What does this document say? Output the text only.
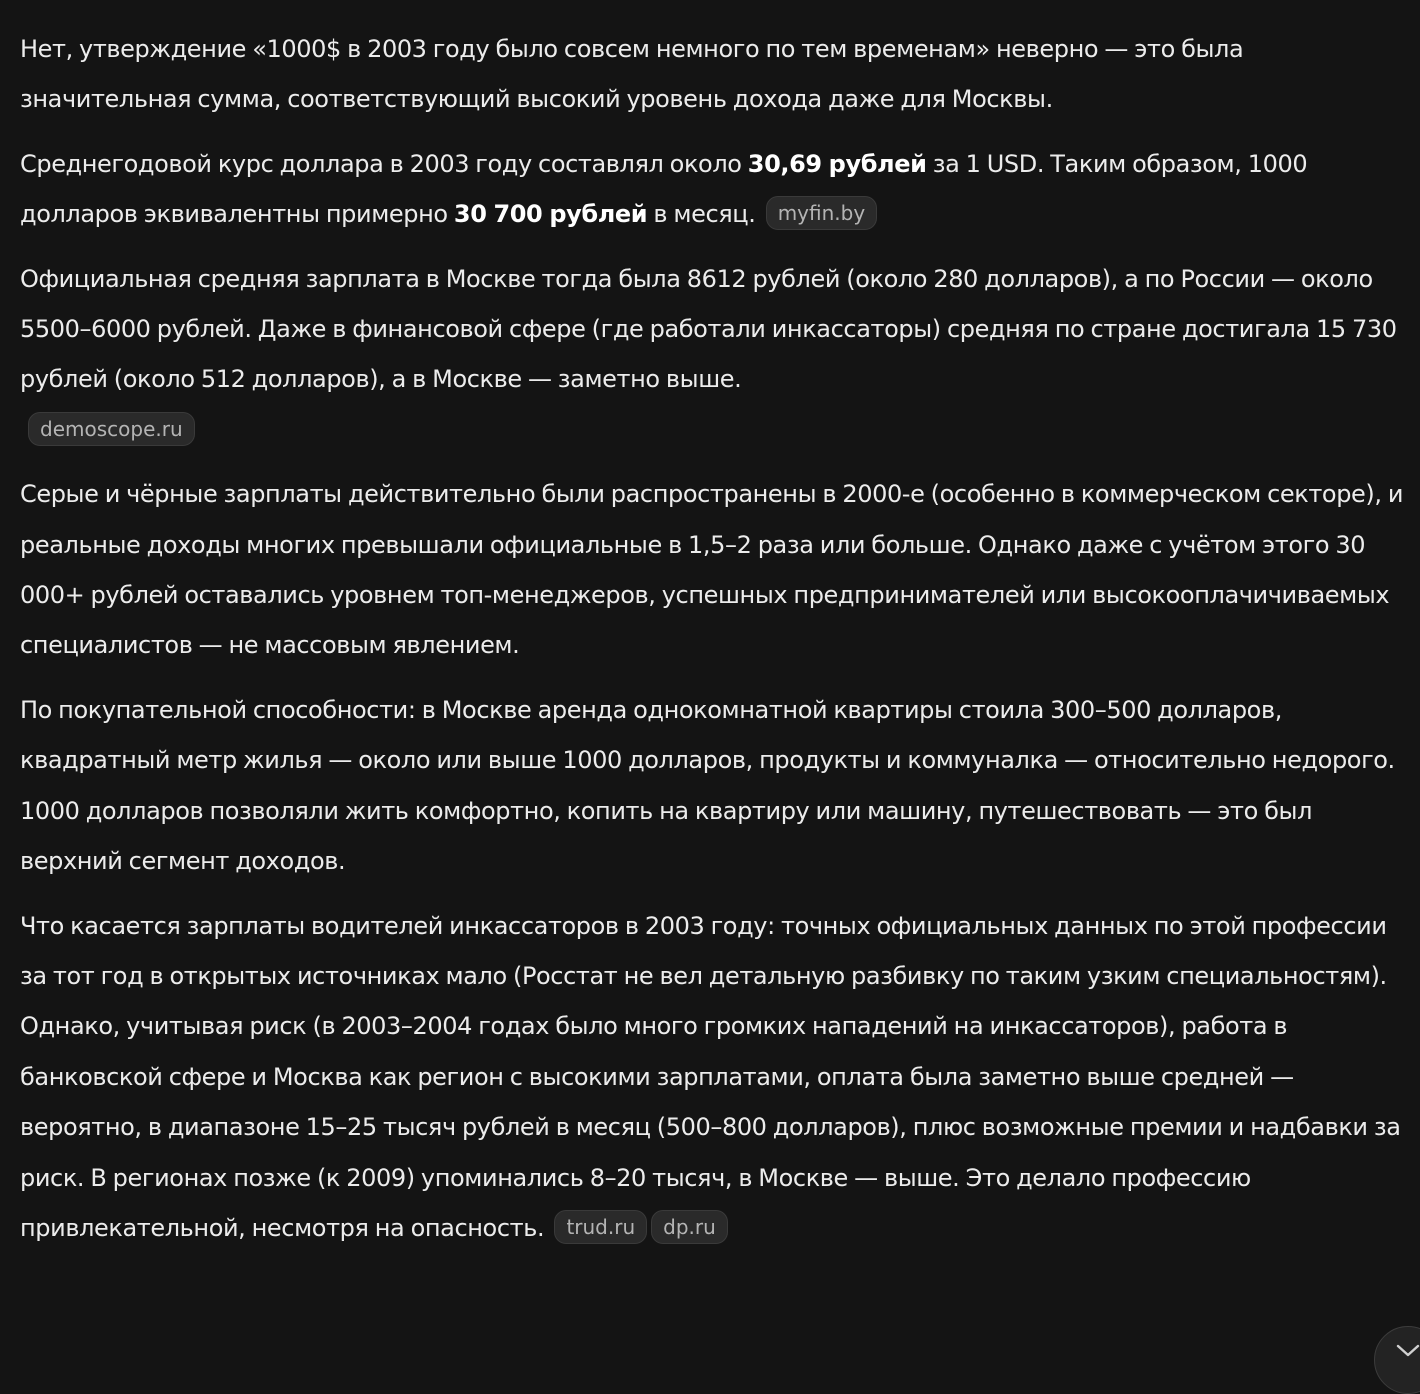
Нет, утверждение «1000$ в 2003 году было совсем немного по тем временам» неверно — это была значительная сумма, соответствующий высокий уровень дохода даже для Москвы.

Среднегодовой курс доллара в 2003 году составлял около 30,69 рублей за 1 USD. Таким образом, 1000 долларов эквивалентны примерно 30 700 рублей в месяц. myfin.by

Официальная средняя зарплата в Москве тогда была 8612 рублей (около 280 долларов), а по России — около 5500–6000 рублей. Даже в финансовой сфере (где работали инкассаторы) средняя по стране достигала 15 730 рублей (около 512 долларов), а в Москве — заметно выше.
demoscope.ru

Серые и чёрные зарплаты действительно были распространены в 2000-е (особенно в коммерческом секторе), и реальные доходы многих превышали официальные в 1,5–2 раза или больше. Однако даже с учётом этого 30 000+ рублей оставались уровнем топ-менеджеров, успешных предпринимателей или высокооплачичиваемых специалистов — не массовым явлением.

По покупательной способности: в Москве аренда однокомнатной квартиры стоила 300–500 долларов, квадратный метр жилья — около или выше 1000 долларов, продукты и коммуналка — относительно недорого. 1000 долларов позволяли жить комфортно, копить на квартиру или машину, путешествовать — это был верхний сегмент доходов.

Что касается зарплаты водителей инкассаторов в 2003 году: точных официальных данных по этой профессии за тот год в открытых источниках мало (Росстат не вел детальную разбивку по таким узким специальностям). Однако, учитывая риск (в 2003–2004 годах было много громких нападений на инкассаторов), работа в банковской сфере и Москва как регион с высокими зарплатами, оплата была заметно выше средней — вероятно, в диапазоне 15–25 тысяч рублей в месяц (500–800 долларов), плюс возможные премии и надбавки за риск. В регионах позже (к 2009) упоминались 8–20 тысяч, в Москве — выше. Это делало профессию привлекательной, несмотря на опасность. trud.ru dp.ru
